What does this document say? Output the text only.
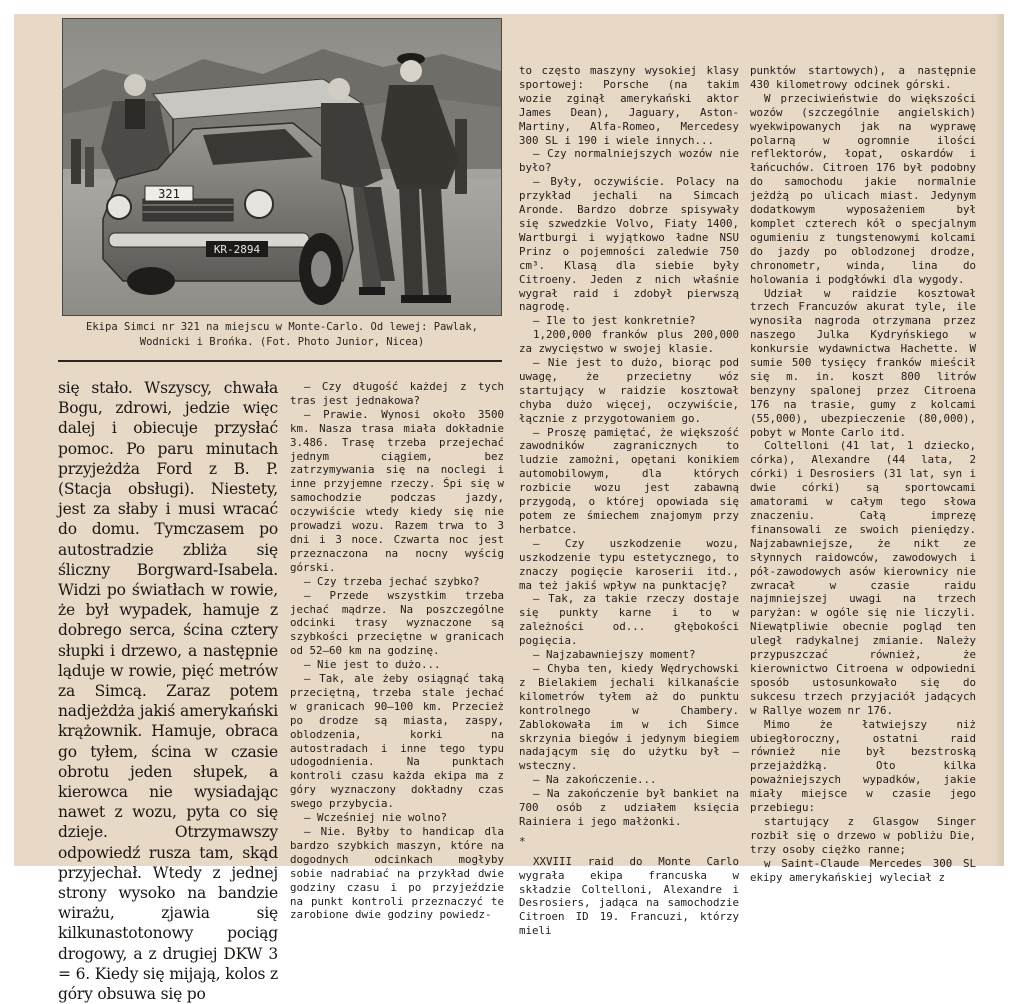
321
KR-2894
Ekipa Simci nr 321 na miejscu w Monte-Carlo. Od lewej: Pawlak, Wodnicki i Brońka. (Fot. Photo Junior, Nicea)

się stało. Wszyscy, chwała Bogu, zdrowi, jedzie więc dalej i obiecuje przysłać pomoc. Po paru minutach przyjeżdża Ford z B. P. (Stacja obsługi). Niestety, jest za słaby i musi wracać do domu. Tymczasem po autostradzie zbliża się śliczny Borgward-Isabela. Widzi po światłach w rowie, że był wypadek, hamuje z dobrego serca, ścina cztery słupki i drzewo, a następnie ląduje w rowie, pięć metrów za Simcą. Zaraz potem nadjeżdża jakiś amerykański krążownik. Hamuje, obraca go tyłem, ścina w czasie obrotu jeden słupek, a kierowca nie wysiadając nawet z wozu, pyta co się dzieje. Otrzymawszy odpowiedź rusza tam, skąd przyjechał. Wtedy z jednej strony wysoko na bandzie wirażu, zjawia się kilkunastotonowy pociąg drogowy, a z drugiej DKW 3 = 6. Kiedy się mijają, kolos z góry obsuwa się po

— Czy długość każdej z tych tras jest jednakowa?

— Prawie. Wynosi około 3500 km. Nasza trasa miała dokładnie 3.486. Trasę trzeba przejechać jednym ciągiem, bez zatrzymywania się na noclegi i inne przyjemne rzeczy. Śpi się w samochodzie podczas jazdy, oczywiście wtedy kiedy się nie prowadzi wozu. Razem trwa to 3 dni i 3 noce. Czwarta noc jest przeznaczona na nocny wyścig górski.

— Czy trzeba jechać szybko?

— Przede wszystkim trzeba jechać mądrze. Na poszczególne odcinki trasy wyznaczone są szybkości przeciętne w granicach od 52—60 km na godzinę.

— Nie jest to dużo...

— Tak, ale żeby osiągnąć taką przeciętną, trzeba stale jechać w granicach 90—100 km. Przecież po drodze są miasta, zaspy, oblodzenia, korki na autostradach i inne tego typu udogodnienia. Na punktach kontroli czasu każda ekipa ma z góry wyznaczony dokładny czas swego przybycia.

— Wcześniej nie wolno?

— Nie. Byłby to handicap dla bardzo szybkich maszyn, które na dogodnych odcinkach mogłyby sobie nadrabiać na przykład dwie godziny czasu i po przyjeździe na punkt kontroli przeznaczyć te zarobione dwie godziny powiedz-

to często maszyny wysokiej klasy sportowej: Porsche (na takim wozie zginął amerykański aktor James Dean), Jaguary, Aston-Martiny, Alfa-Romeo, Mercedesy 300 SL i 190 i wiele innych...

— Czy normalniejszych wozów nie było?

— Były, oczywiście. Polacy na przykład jechali na Simcach Aronde. Bardzo dobrze spisywały się szwedzkie Volvo, Fiaty 1400, Wartburgi i wyjątkowo ładne NSU Prinz o pojemności zaledwie 750 cm³. Klasą dla siebie były Citroeny. Jeden z nich właśnie wygrał raid i zdobył pierwszą nagrodę.

— Ile to jest konkretnie?

1,200,000 franków plus 200,000 za zwycięstwo w swojej klasie.

— Nie jest to dużo, biorąc pod uwagę, że przecietny wóz startujący w raidzie kosztował chyba dużo więcej, oczywiście, łącznie z przygotowaniem go.

— Proszę pamiętać, że większość zawodników zagranicznych to ludzie zamożni, opętani konikiem automobilowym, dla których rozbicie wozu jest zabawną przygodą, o której opowiada się potem ze śmiechem znajomym przy herbatce.

— Czy uszkodzenie wozu, uszkodzenie typu estetycznego, to znaczy pogięcie karoserii itd., ma też jakiś wpływ na punktację?

— Tak, za takie rzeczy dostaje się punkty karne i to w zależności od... głębokości pogięcia.

— Najzabawniejszy moment?

— Chyba ten, kiedy Wędrychowski z Bielakiem jechali kilkanaście kilometrów tyłem aż do punktu kontrolnego w Chambery. Zablokowała im w ich Simce skrzynia biegów i jedynym biegiem nadającym się do użytku był — wsteczny.

— Na zakończenie...

— Na zakończenie był bankiet na 700 osób z udziałem księcia Rainiera i jego małżonki.

*

XXVIII raid do Monte Carlo wygrała ekipa francuska w składzie Coltelloni, Alexandre i Desrosiers, jadąca na samochodzie Citroen ID 19. Francuzi, którzy mieli

punktów startowych), a następnie 430 kilometrowy odcinek górski.

W przeciwieństwie do większości wozów (szczególnie angielskich) wyekwipowanych jak na wyprawę polarną w ogromnie ilości reflektorów, łopat, oskardów i łańcuchów. Citroen 176 był podobny do samochodu jakie normalnie jeżdżą po ulicach miast. Jedynym dodatkowym wyposażeniem był komplet czterech kół o specjalnym ogumieniu z tungstenowymi kolcami do jazdy po oblodzonej drodze, chronometr, winda, lina do holowania i podgłówki dla wygody.

Udział w raidzie kosztował trzech Francuzów akurat tyle, ile wynosiła nagroda otrzymana przez naszego Julka Kydryńskiego w konkursie wydawnictwa Hachette. W sumie 500 tysięcy franków mieścił się m. in. koszt 800 litrów benzyny spalonej przez Citroena 176 na trasie, gumy z kolcami (55,000), ubezpieczenie (80,000), pobyt w Monte Carlo itd.

Coltelloni (41 lat, 1 dziecko, córka), Alexandre (44 lata, 2 córki) i Desrosiers (31 lat, syn i dwie córki) są sportowcami amatorami w całym tego słowa znaczeniu. Całą imprezę finansowali ze swoich pieniędzy. Najzabawniejsze, że nikt ze słynnych raidowców, zawodowych i pół-zawodowych asów kierownicy nie zwracał w czasie raidu najmniejszej uwagi na trzech paryżan: w ogóle się nie liczyli. Niewątpliwie obecnie pogląd ten uległ radykalnej zmianie. Należy przypuszczać również, że kierownictwo Citroena w odpowiedni sposób ustosunkowało się do sukcesu trzech przyjaciół jadących w Rallye wozem nr 176.

Mimo że łatwiejszy niż ubiegłoroczny, ostatni raid również nie był bezstroską przejażdżką. Oto kilka poważniejszych wypadków, jakie miały miejsce w czasie jego przebiegu:

startujący z Glasgow Singer rozbił się o drzewo w pobliżu Die, trzy osoby ciężko ranne;

w Saint-Claude Mercedes 300 SL ekipy amerykańskiej wyleciał z
